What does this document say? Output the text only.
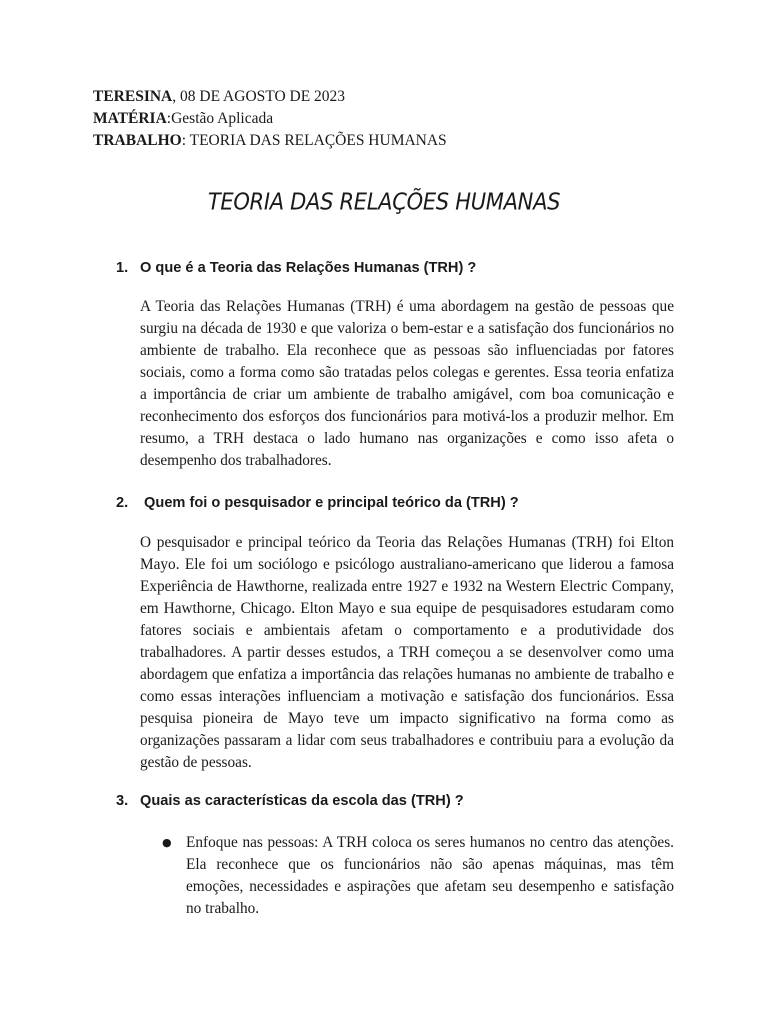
TERESINA, 08 DE AGOSTO DE 2023
MATÉRIA:Gestão Aplicada
TRABALHO: TEORIA DAS RELAÇÕES HUMANAS
TEORIA DAS RELAÇÕES HUMANAS
1. O que é a Teoria das Relações Humanas (TRH) ?

A Teoria das Relações Humanas (TRH) é uma abordagem na gestão de pessoas que surgiu na década de 1930 e que valoriza o bem-estar e a satisfação dos funcionários no ambiente de trabalho. Ela reconhece que as pessoas são influenciadas por fatores sociais, como a forma como são tratadas pelos colegas e gerentes. Essa teoria enfatiza a importância de criar um ambiente de trabalho amigável, com boa comunicação e reconhecimento dos esforços dos funcionários para motivá-los a produzir melhor. Em resumo, a TRH destaca o lado humano nas organizações e como isso afeta o desempenho dos trabalhadores.

2. Quem foi o pesquisador e principal teórico da (TRH) ?

O pesquisador e principal teórico da Teoria das Relações Humanas (TRH) foi Elton Mayo. Ele foi um sociólogo e psicólogo australiano-americano que liderou a famosa Experiência de Hawthorne, realizada entre 1927 e 1932 na Western Electric Company, em Hawthorne, Chicago. Elton Mayo e sua equipe de pesquisadores estudaram como fatores sociais e ambientais afetam o comportamento e a produtividade dos trabalhadores. A partir desses estudos, a TRH começou a se desenvolver como uma abordagem que enfatiza a importância das relações humanas no ambiente de trabalho e como essas interações influenciam a motivação e satisfação dos funcionários. Essa pesquisa pioneira de Mayo teve um impacto significativo na forma como as organizações passaram a lidar com seus trabalhadores e contribuiu para a evolução da gestão de pessoas.

3. Quais as características da escola das (TRH) ?
● Enfoque nas pessoas: A TRH coloca os seres humanos no centro das atenções. Ela reconhece que os funcionários não são apenas máquinas, mas têm emoções, necessidades e aspirações que afetam seu desempenho e satisfação no trabalho.
